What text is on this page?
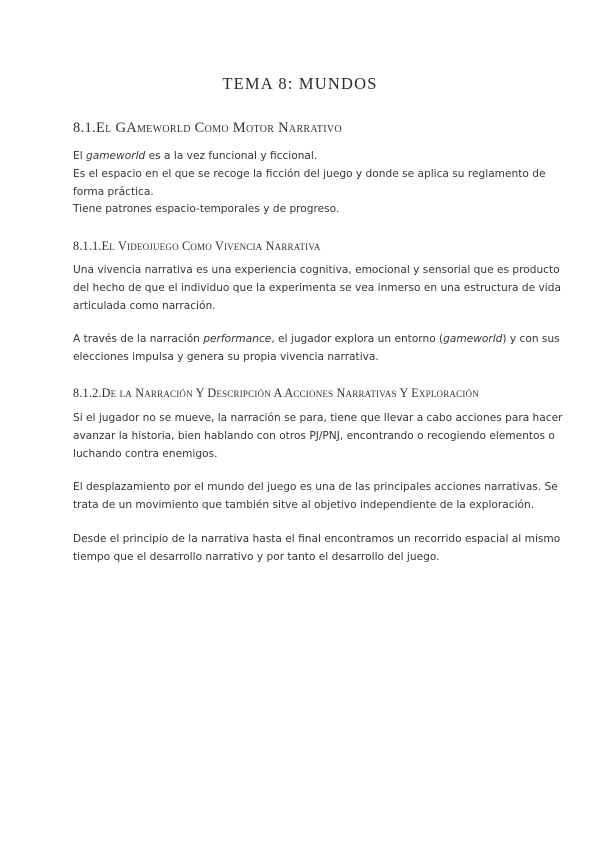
TEMA 8: MUNDOS
8.1.El GAmeworld Como Motor Narrativo
El gameworld es a la vez funcional y ficcional.
Es el espacio en el que se recoge la ficción del juego y donde se aplica su reglamento de
forma práctica.
Tiene patrones espacio-temporales y de progreso.
8.1.1.El Videojuego Como Vivencia Narrativa
Una vivencia narrativa es una experiencia cognitiva, emocional y sensorial que es producto
del hecho de que el individuo que la experimenta se vea inmerso en una estructura de vida
articulada como narración.
A través de la narración performance, el jugador explora un entorno (gameworld) y con sus
elecciones impulsa y genera su propia vivencia narrativa.
8.1.2.De la Narración Y Descripción A Acciones Narrativas Y Exploración
Si el jugador no se mueve, la narración se para, tiene que llevar a cabo acciones para hacer
avanzar la historia, bien hablando con otros PJ/PNJ, encontrando o recogiendo elementos o
luchando contra enemigos.
El desplazamiento por el mundo del juego es una de las principales acciones narrativas. Se
trata de un movimiento que también sitve al objetivo independiente de la exploración.
Desde el principio de la narrativa hasta el final encontramos un recorrido espacial al mismo
tiempo que el desarrollo narrativo y por tanto el desarrollo del juego.
